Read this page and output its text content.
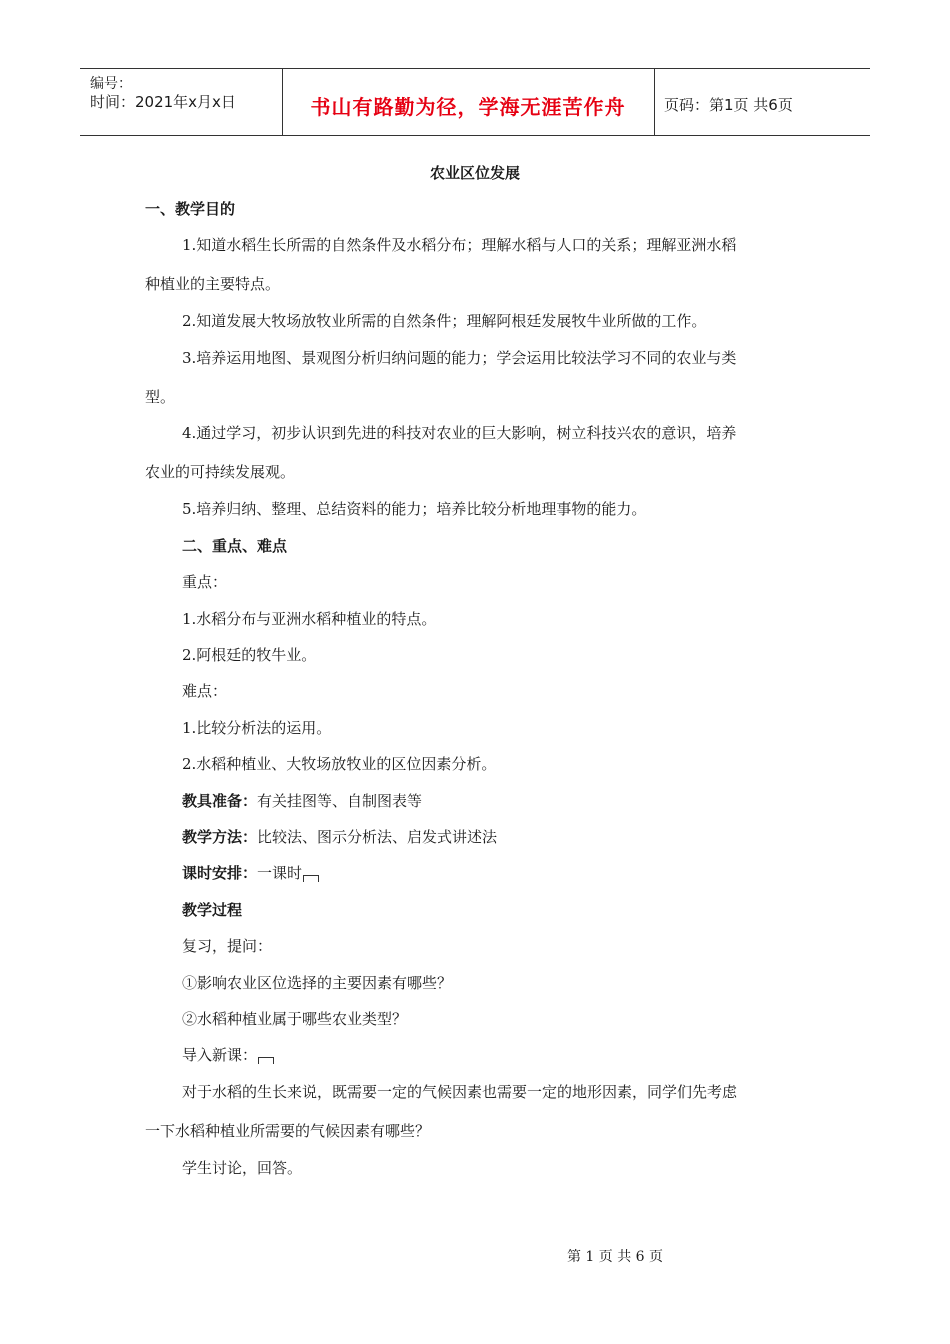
编号：
时间：2021年x月x日	书山有路勤为径，学海无涯苦作舟	页码：第1页 共6页
农业区位发展
一、教学目的
1.知道水稻生长所需的自然条件及水稻分布；理解水稻与人口的关系；理解亚洲水稻
种植业的主要特点。
2.知道发展大牧场放牧业所需的自然条件；理解阿根廷发展牧牛业所做的工作。
3.培养运用地图、景观图分析归纳问题的能力；学会运用比较法学习不同的农业与类
型。
4.通过学习，初步认识到先进的科技对农业的巨大影响，树立科技兴农的意识，培养
农业的可持续发展观。
5.培养归纳、整理、总结资料的能力；培养比较分析地理事物的能力。
二、重点、难点
重点：
1.水稻分布与亚洲水稻种植业的特点。
2.阿根廷的牧牛业。
难点：
1.比较分析法的运用。
2.水稻种植业、大牧场放牧业的区位因素分析。
教具准备：有关挂图等、自制图表等
教学方法：比较法、图示分析法、启发式讲述法
课时安排：一课时
教学过程
复习，提问：
①影响农业区位选择的主要因素有哪些？
②水稻种植业属于哪些农业类型？
导入新课：
对于水稻的生长来说，既需要一定的气候因素也需要一定的地形因素，同学们先考虑
一下水稻种植业所需要的气候因素有哪些？
学生讨论，回答。
第 1 页 共 6 页
